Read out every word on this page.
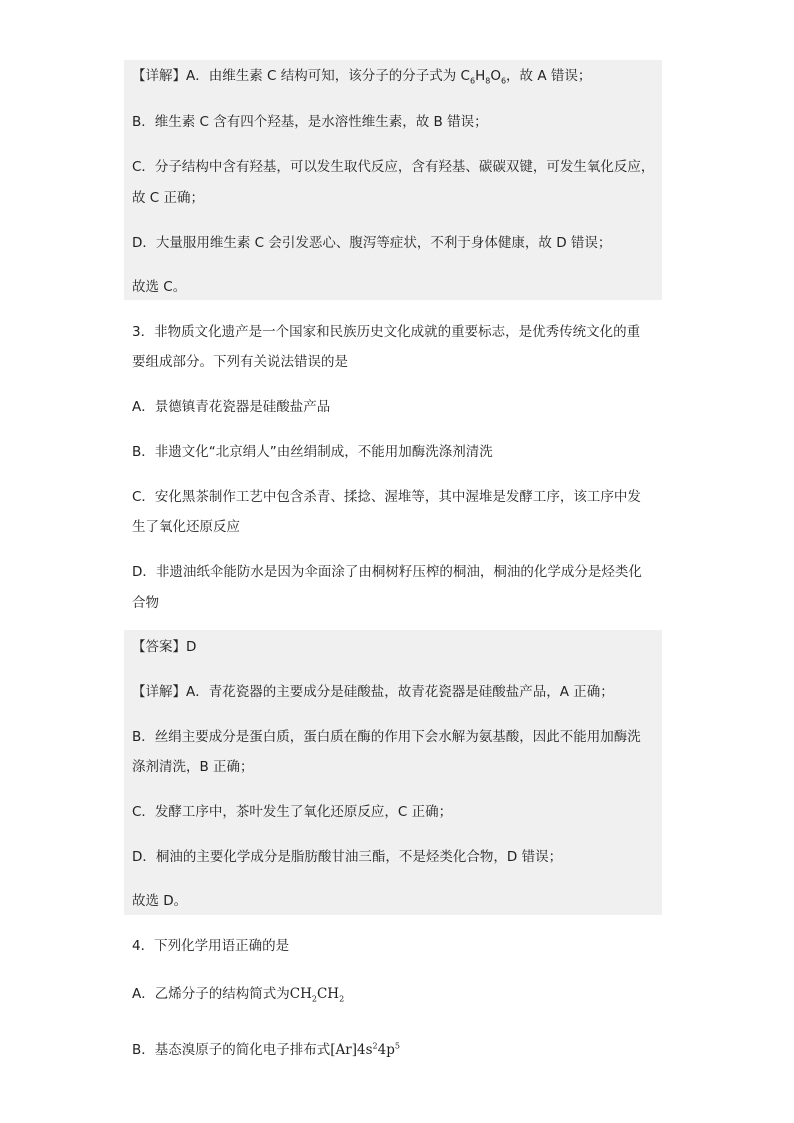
【详解】A．由维生素 C 结构可知，该分子的分子式为 $C_6H_8O_6$，故 A 错误；
B．维生素 C 含有四个羟基，是水溶性维生素，故 B 错误；
C．分子结构中含有羟基，可以发生取代反应，含有羟基、碳碳双键，可发生氧化反应，
故 C 正确；
D．大量服用维生素 C 会引发恶心、腹泻等症状，不利于身体健康，故 D 错误；
故选 C。
3．非物质文化遗产是一个国家和民族历史文化成就的重要标志，是优秀传统文化的重
要组成部分。下列有关说法错误的是
A．景德镇青花瓷器是硅酸盐产品
B．非遗文化“北京绢人”由丝绢制成，不能用加酶洗涤剂清洗
C．安化黑茶制作工艺中包含杀青、揉捻、渥堆等，其中渥堆是发酵工序，该工序中发
生了氧化还原反应
D．非遗油纸伞能防水是因为伞面涂了由桐树籽压榨的桐油，桐油的化学成分是烃类化
合物
【答案】D
【详解】A．青花瓷器的主要成分是硅酸盐，故青花瓷器是硅酸盐产品，A 正确；
B．丝绢主要成分是蛋白质，蛋白质在酶的作用下会水解为氨基酸，因此不能用加酶洗
涤剂清洗，B 正确；
C．发酵工序中，茶叶发生了氧化还原反应，C 正确；
D．桐油的主要化学成分是脂肪酸甘油三酯，不是烃类化合物，D 错误；
故选 D。
4．下列化学用语正确的是
A．乙烯分子的结构简式为$CH_2CH_2$
B．基态溴原子的简化电子排布式$[Ar]4s^24p^5$
